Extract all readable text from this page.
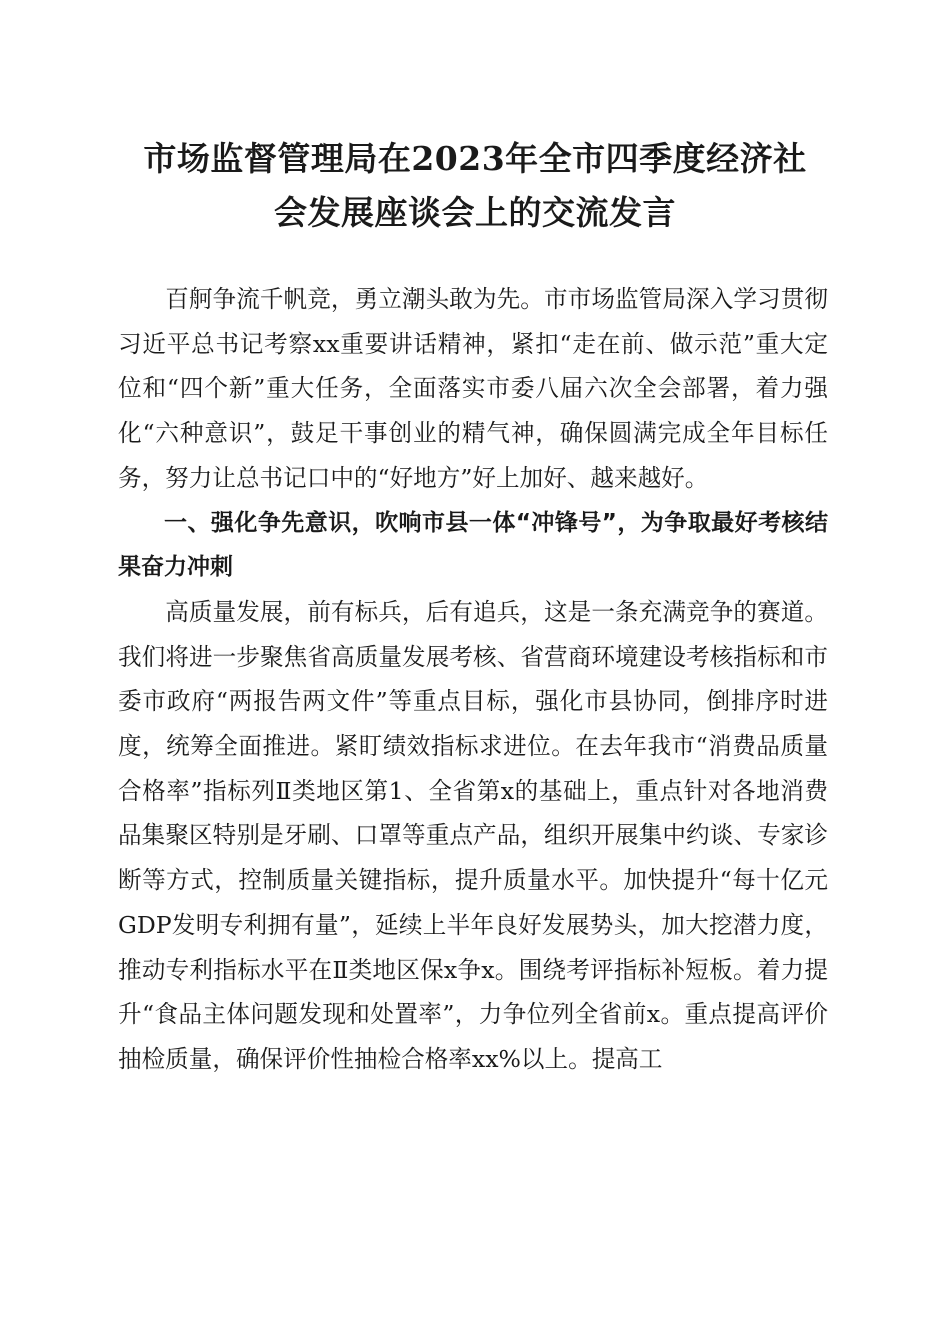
市场监督管理局在2023年全市四季度经济社
会发展座谈会上的交流发言

百舸争流千帆竞，勇立潮头敢为先。市市场监管局深入学习贯彻习近平总书记考察xx重要讲话精神，紧扣“走在前、做示范”重大定位和“四个新”重大任务，全面落实市委八届六次全会部署，着力强化“六种意识”，鼓足干事创业的精气神，确保圆满完成全年目标任务，努力让总书记口中的“好地方”好上加好、越来越好。

一、强化争先意识，吹响市县一体“冲锋号”，为争取最好考核结果奋力冲刺

高质量发展，前有标兵，后有追兵，这是一条充满竞争的赛道。我们将进一步聚焦省高质量发展考核、省营商环境建设考核指标和市委市政府“两报告两文件”等重点目标，强化市县协同，倒排序时进度，统筹全面推进。紧盯绩效指标求进位。在去年我市“消费品质量合格率”指标列Ⅱ类地区第1、全省第x的基础上，重点针对各地消费品集聚区特别是牙刷、口罩等重点产品，组织开展集中约谈、专家诊断等方式，控制质量关键指标，提升质量水平。加快提升“每十亿元GDP发明专利拥有量”，延续上半年良好发展势头，加大挖潜力度，推动专利指标水平在Ⅱ类地区保x争x。围绕考评指标补短板。着力提升“食品主体问题发现和处置率”，力争位列全省前x。重点提高评价抽检质量，确保评价性抽检合格率xx%以上。提高工
